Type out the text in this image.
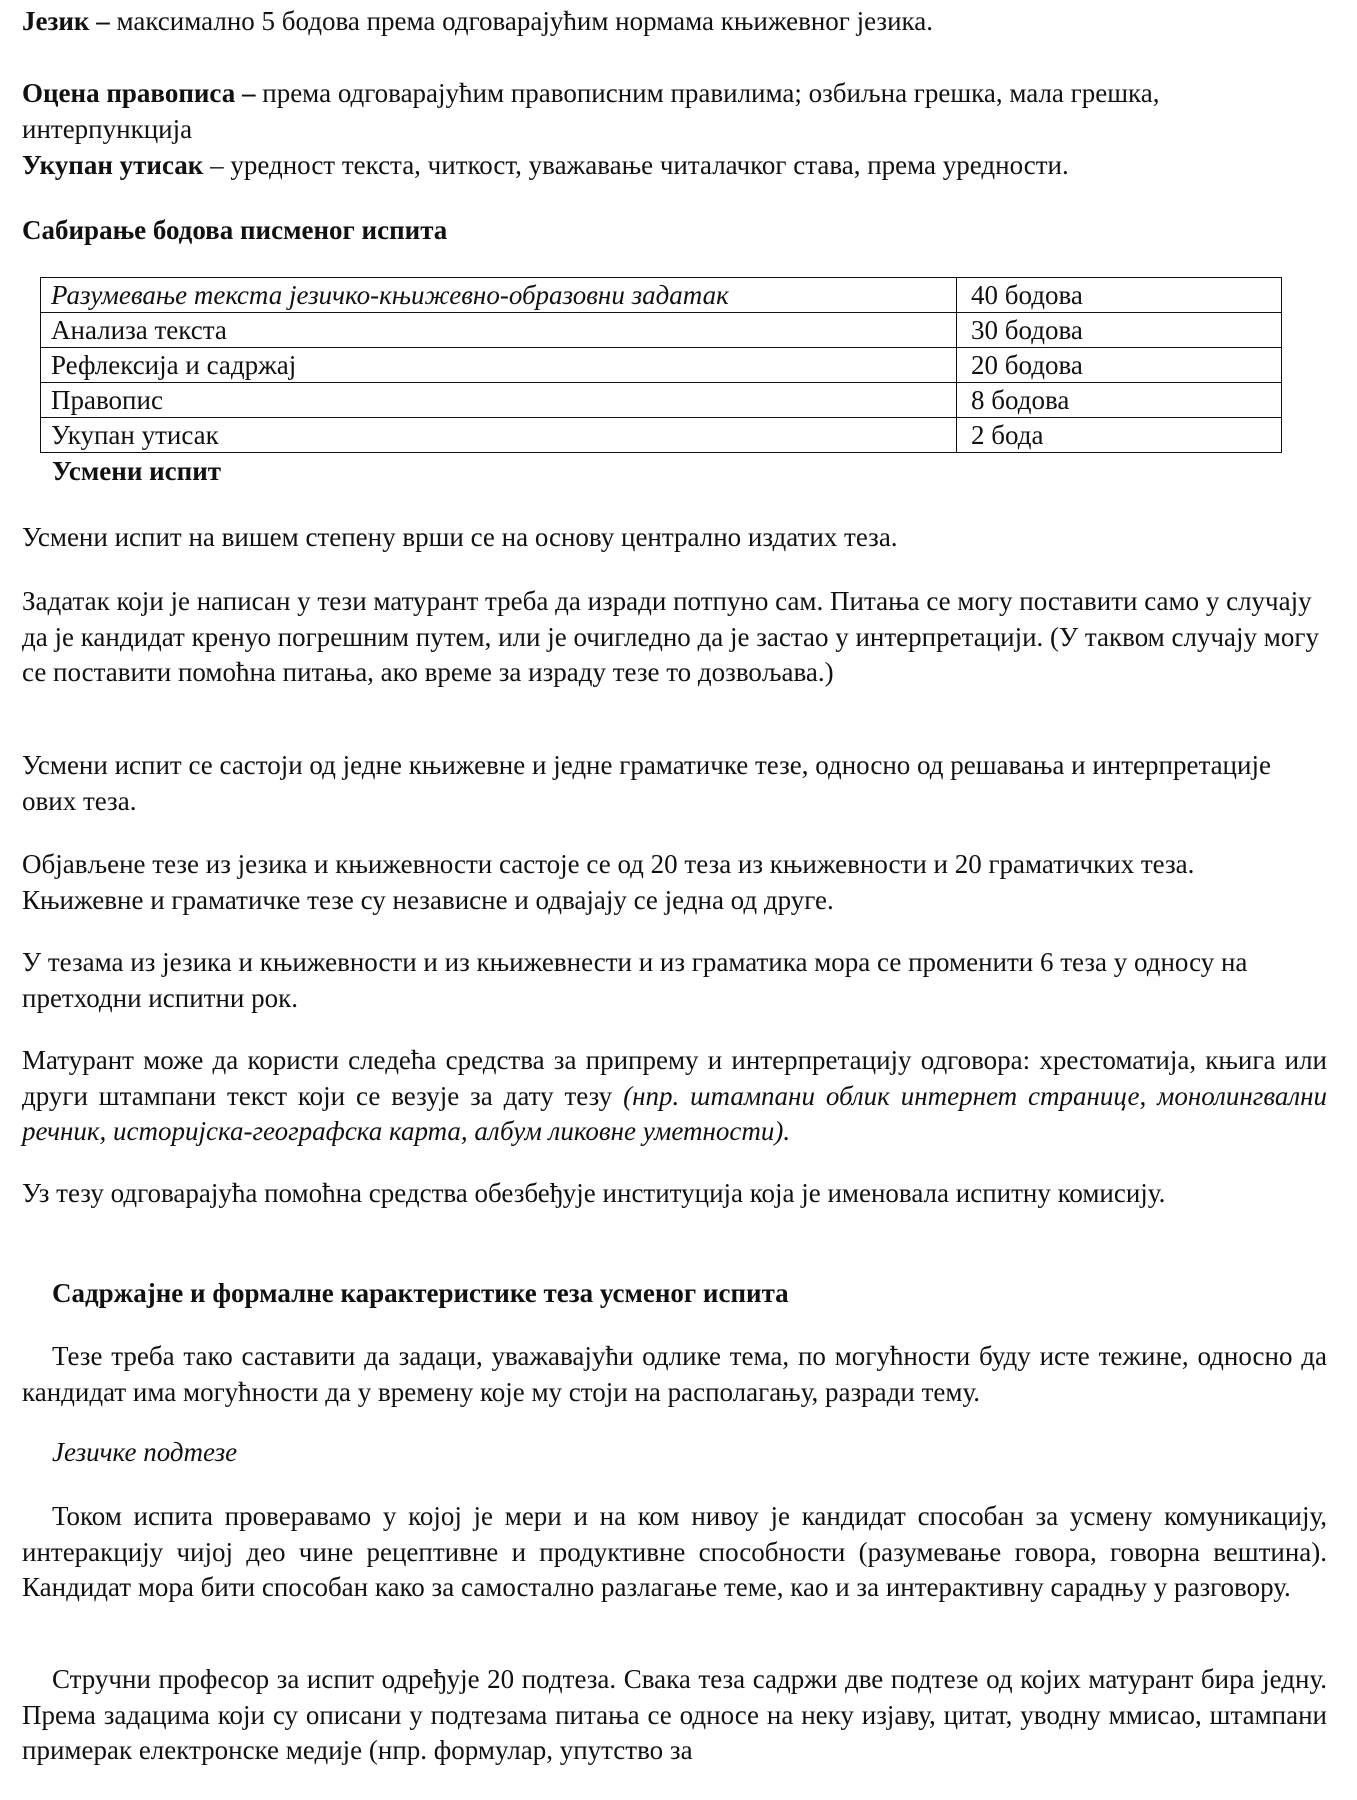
Језик – максимално 5 бодова према одговарајућим нормама књижевног језика.

Оцена правописа – према одговарајућим правописним правилима; озбиљна грешка, мала грешка, интерпункција

Укупан утисак – уредност текста, читкост, уважавање читалачког става, према уредности.

Сабирање бодова писменог испита

Разумевање текста језичко-књижевно-образовни задатак	40 бодова
Анализа текста	30 бодова
Рефлексија и садржај	20 бодова
Правопис	8 бодова
Укупан утисак	2 бода

Усмени испит

Усмени испит на вишем степену врши се на основу централно издатих теза.

Задатак који је написан у тези матурант треба да изради потпуно сам. Питања се могу поставити само у случају да је кандидат кренуо погрешним путем, или је очигледно да је застао у интерпретацији. (У таквом случају могу се поставити помоћна питања, ако време за израду тезе то дозвољава.)

Усмени испит се састоји од једне књижевне и једне граматичке тезе, односно од решавања и интерпретације ових теза.

Објављене тезе из језика и књижевности састоје се од 20 теза из књижевности и 20 граматичких теза. Књижевне и граматичке тезе су независне и одвајају се једна од друге.

У тезама из језика и књижевности и из књижевнести и из граматика мора се променити 6 теза у односу на претходни испитни рок.

Матурант може да користи следећа средства за припрему и интерпретацију одговора: хрестоматија, књига или други штампани текст који се везује за дату тезу (нпр. штампани облик интернет странице, монолингвални речник, историјска-географска карта, албум ликовне уметности).

Уз тезу одговарајућа помоћна средства обезбеђује институција која је именовала испитну комисију.

Садржајне и формалне карактеристике теза усменог испита

Тезе треба тако саставити да задаци, уважавајући одлике тема, по могућности буду исте тежине, односно да кандидат има могућности да у времену које му стоји на располагању, разради тему.

Језичке подтезе

Током испита проверавамо у којој је мери и на ком нивоу је кандидат способан за усмену комуникацију, интеракцију чијој део чине рецептивне и продуктивне способности (разумевање говора, говорна вештина). Кандидат мора бити способан како за самостално разлагање теме, као и за интерактивну сарадњу у разговору.

Стручни професор за испит одређује 20 подтеза. Свака теза садржи две подтезе од којих матурант бира једну. Према задацима који су описани у подтезама питања се односе на неку изјаву, цитат, уводну ммисао, штампани примерак електронске медије (нпр. формулар, упутство за
